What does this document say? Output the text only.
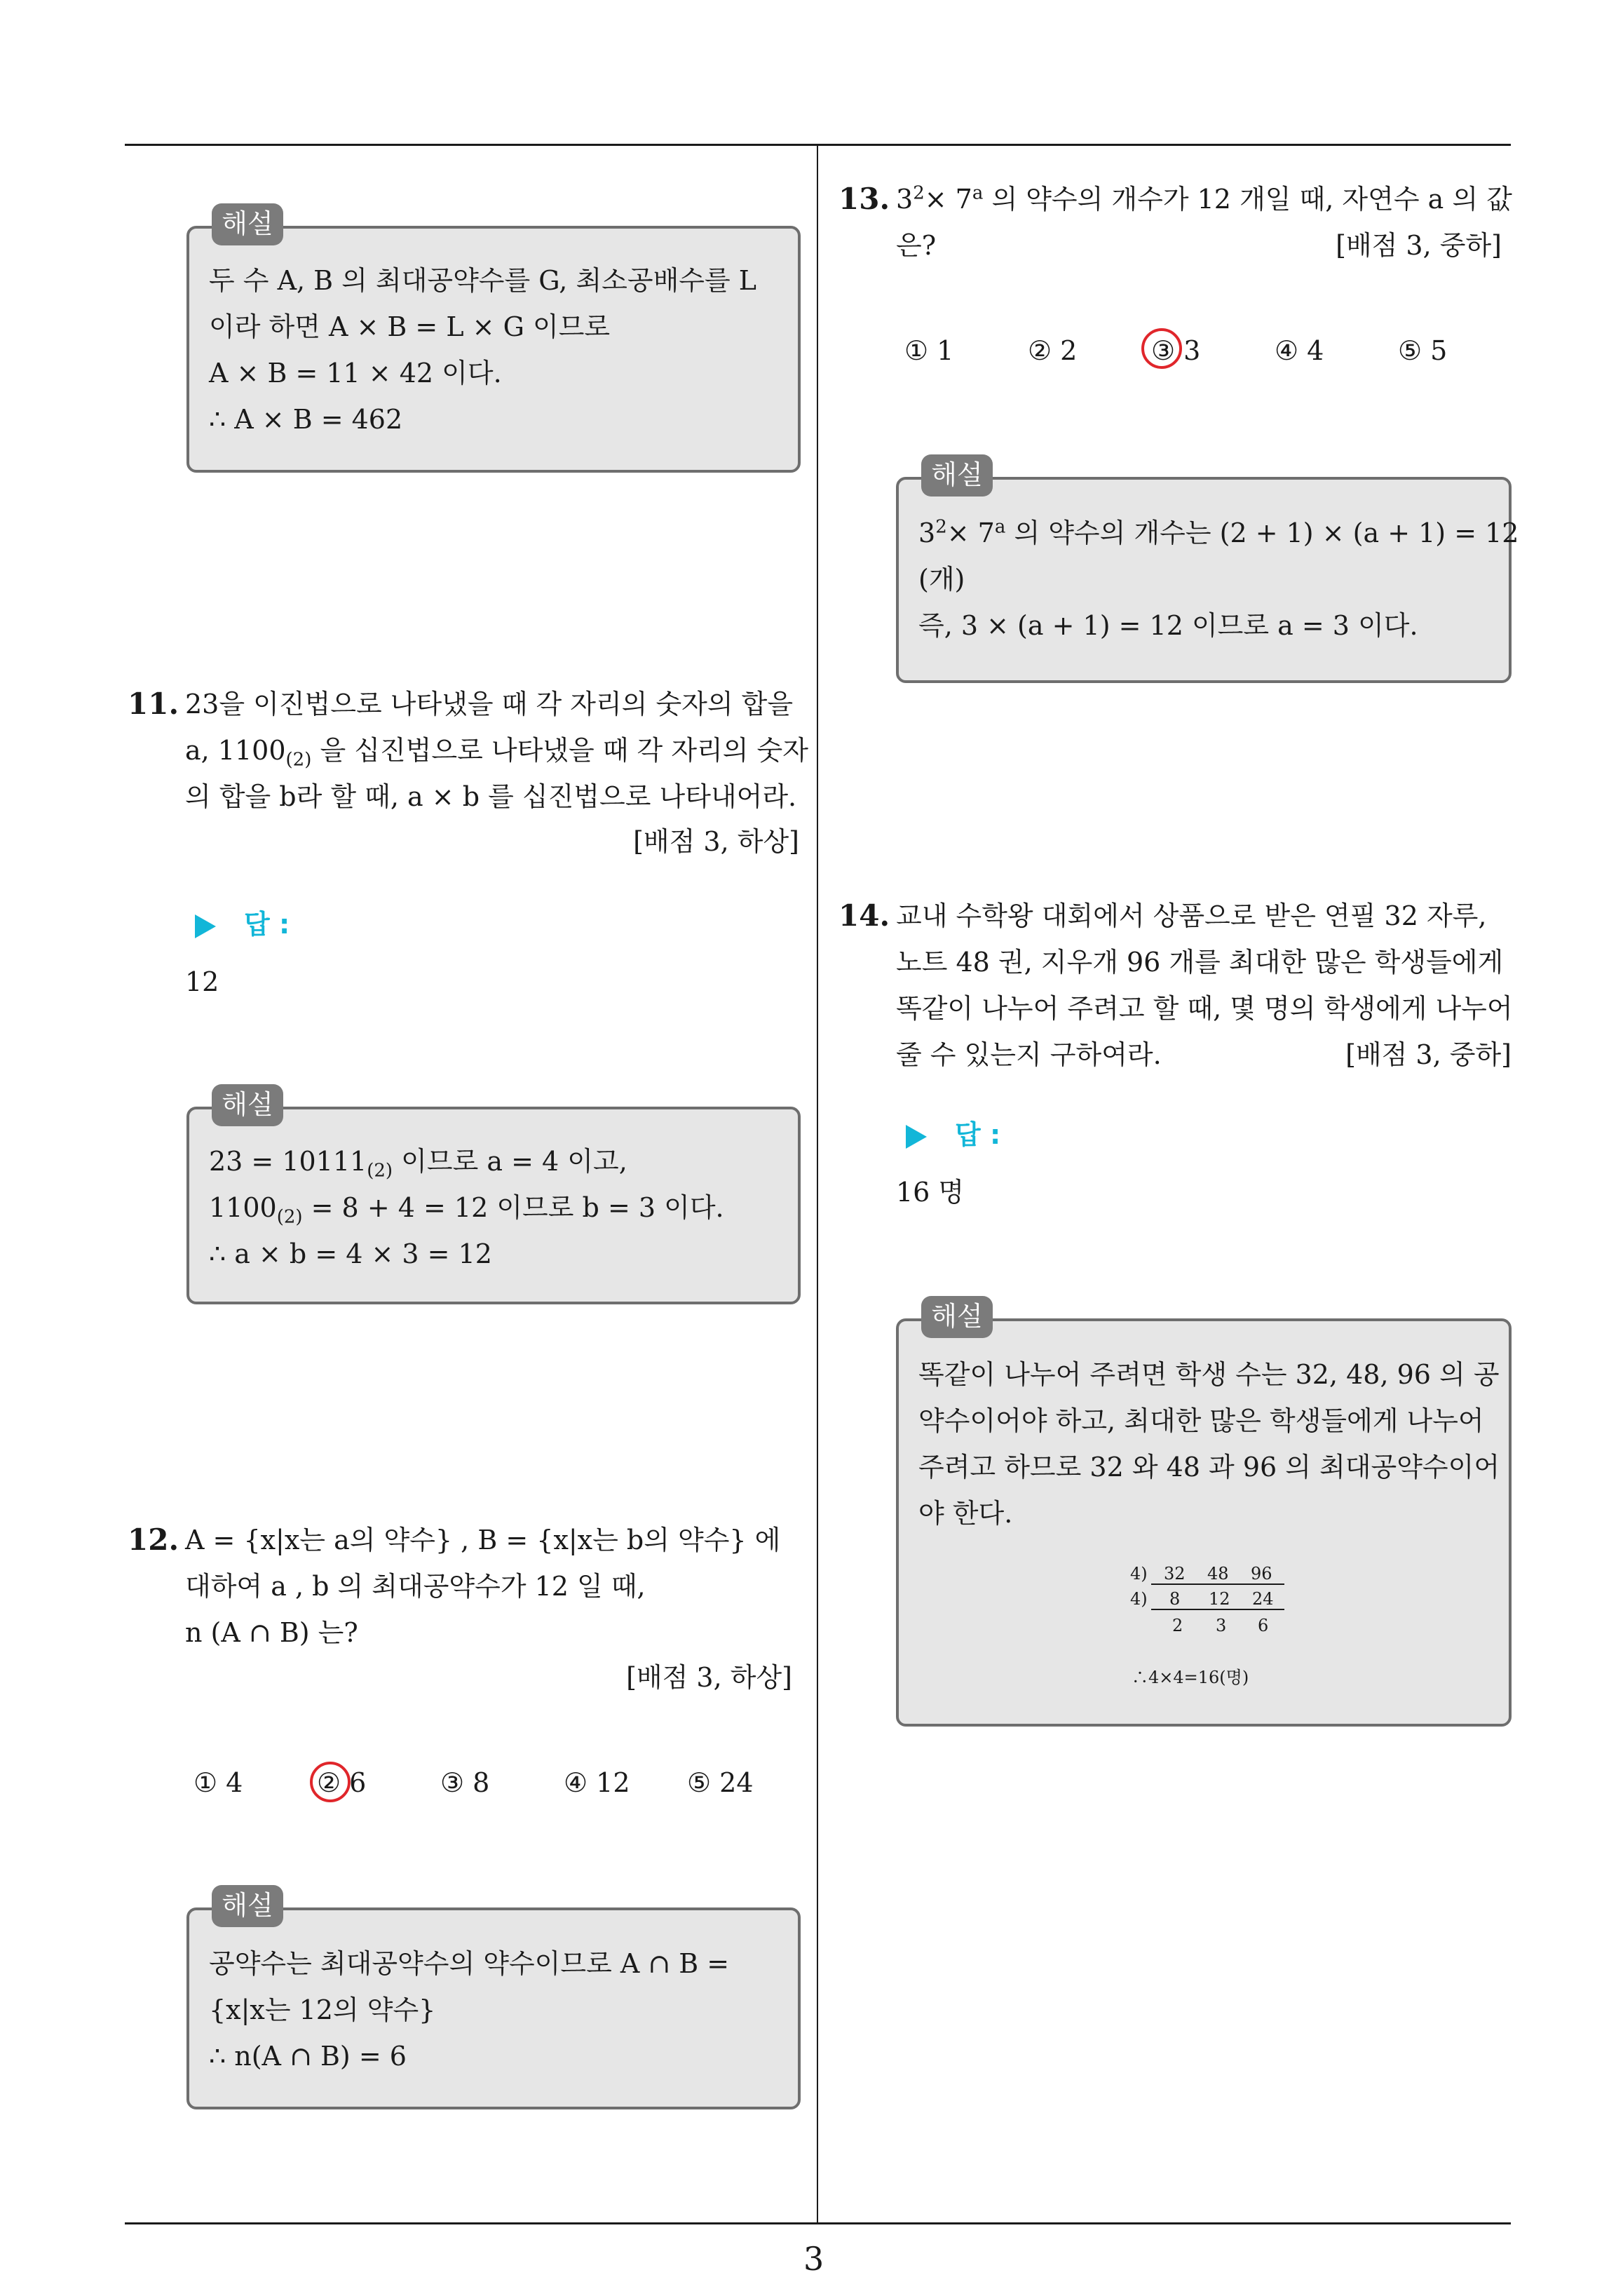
해설
두 수 A, B 의 최대공약수를 G, 최소공배수를 L
이라 하면 A × B = L × G 이므로
A × B = 11 × 42 이다.
∴ A × B = 462
11. 23을 이진법으로 나타냈을 때 각 자리의 숫자의 합을
a, $1100_{(2)}$ 을 십진법으로 나타냈을 때 각 자리의 숫자
의 합을 b라 할 때, a × b 를 십진법으로 나타내어라.
[배점 3, 하상]
답 :
12
해설
$23 = 10111_{(2)}$ 이므로 a = 4 이고,
$1100_{(2)} = 8 + 4 = 12$ 이므로 b = 3 이다.
∴ a × b = 4 × 3 = 12
12. A = {x|x는 a의 약수} , B = {x|x는 b의 약수} 에
대하여 a , b 의 최대공약수가 12 일 때,
n (A ∩ B) 는?
[배점 3, 하상]
① 4	② 6	③ 8	④ 12 ⑤ 24
해설
공약수는 최대공약수의 약수이므로 A ∩ B =
{x|x는 12의 약수}
∴ n(A ∩ B) = 6
13. $3^2\times 7^a$ 의 약수의 개수가 12 개일 때, 자연수 a 의 값
은?	[배점 3, 중하]
① 1	② 2	③ 3	④ 4	⑤ 5
해설
$3^2\times 7^a$ 의 약수의 개수는 (2 + 1) × (a + 1) = 12
(개)
즉, 3 × (a + 1) = 12 이므로 a = 3 이다.
14. 교내 수학왕 대회에서 상품으로 받은 연필 32 자루,
노트 48 권, 지우개 96 개를 최대한 많은 학생들에게
똑같이 나누어 주려고 할 때, 몇 명의 학생에게 나누어
줄 수 있는지 구하여라.	[배점 3, 중하]
답 :
16 명
해설
똑같이 나누어 주려면 학생 수는 32, 48, 96 의 공
약수이어야 하고, 최대한 많은 학생들에게 나누어
주려고 하므로 32 와 48 과 96 의 최대공약수이어
야 한다.
4) 32 48 96
4) 8 12 24
2 3 6
∴4×4=16(명)
3
